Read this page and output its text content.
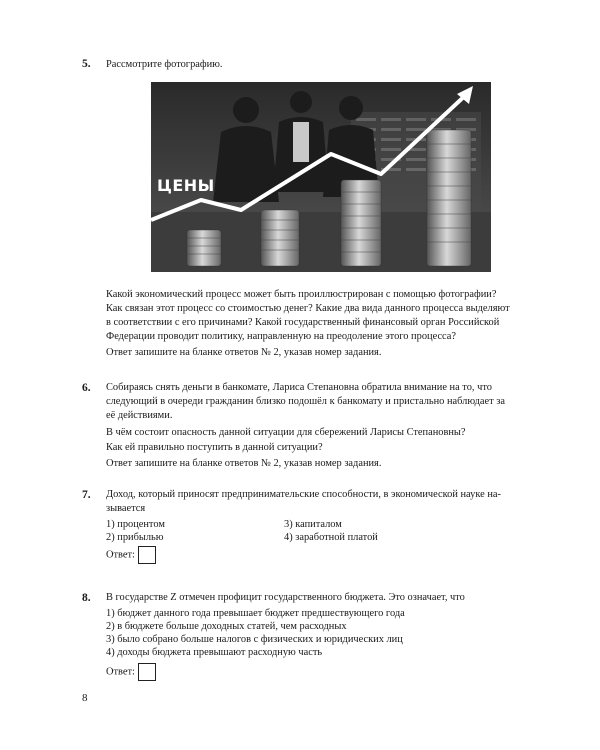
5. Рассмотрите фотографию.
ЦЕНЫ

Какой экономический процесс может быть проиллюстрирован с помощью фотографии?

Как связан этот процесс со стоимостью денег? Какие два вида данного процесса выделяют

в соответствии с его причинами? Какой государственный финансовый орган Российской

Федерации проводит политику, направленную на преодоление этого процесса?

Ответ запишите на бланке ответов № 2, указав номер задания.

6. Собираясь снять деньги в банкомате, Лариса Степановна обратила внимание на то, что

следующий в очереди гражданин близко подошёл к банкомату и пристально наблюдает за

её действиями.

В чём состоит опасность данной ситуации для сбережений Ларисы Степановны?

Как ей правильно поступить в данной ситуации?

Ответ запишите на бланке ответов № 2, указав номер задания.

7. Доход, который приносят предпринимательские способности, в экономической науке на-

зывается

1) процентом
2) прибылью
3) капиталом
4) заработной платой
Ответ:
8. В государстве Z отмечен профицит государственного бюджета. Это означает, что
1) бюджет данного года превышает бюджет предшествующего года
2) в бюджете больше доходных статей, чем расходных
3) было собрано больше налогов с физических и юридических лиц
4) доходы бюджета превышают расходную часть
Ответ:
8
